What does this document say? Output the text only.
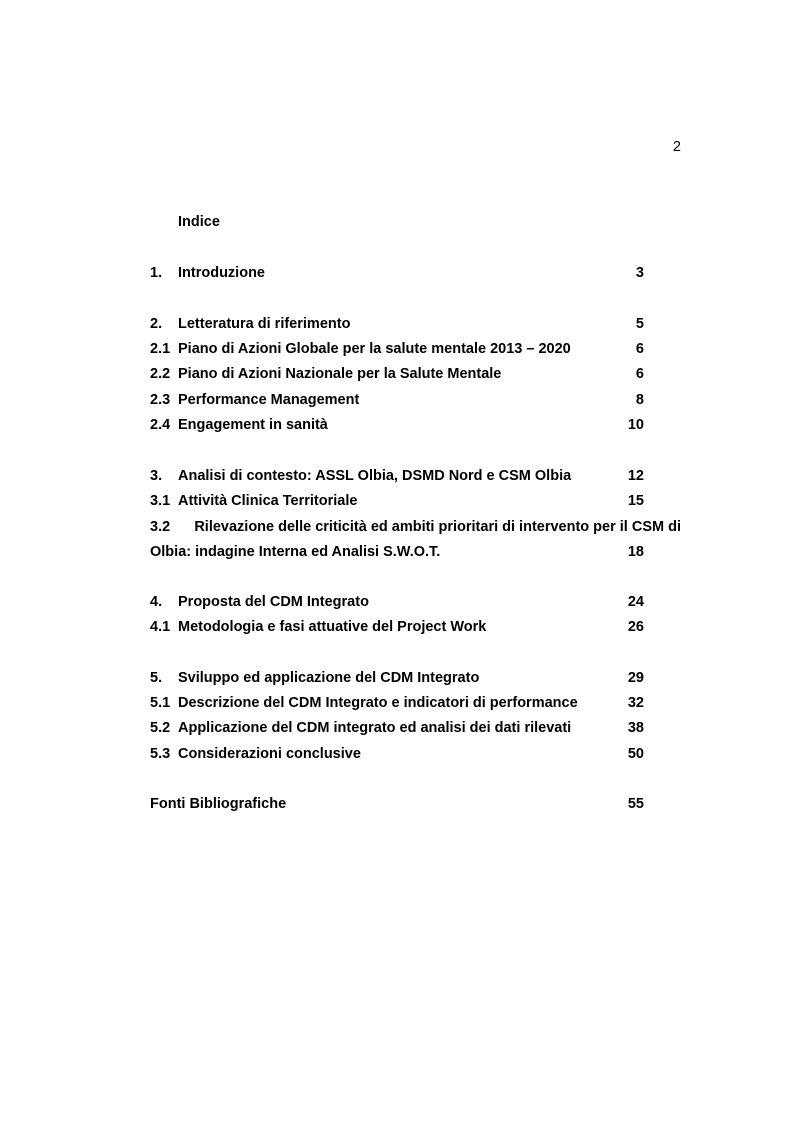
2
Indice
1. Introduzione	3
2. Letteratura di riferimento	5
2.1 Piano di Azioni Globale per la salute mentale 2013 – 2020	6
2.2 Piano di Azioni Nazionale per la Salute Mentale	6
2.3 Performance Management	8
2.4 Engagement in sanità	10
3. Analisi di contesto: ASSL Olbia, DSMD Nord e CSM Olbia	12
3.1 Attività Clinica Territoriale	15
3.2 Rilevazione delle criticità ed ambiti prioritari di intervento per il CSM di
Olbia: indagine Interna ed Analisi S.W.O.T.	18
4. Proposta del CDM Integrato	24
4.1 Metodologia e fasi attuative del Project Work	26
5. Sviluppo ed applicazione del CDM Integrato	29
5.1 Descrizione del CDM Integrato e indicatori di performance	32
5.2 Applicazione del CDM integrato ed analisi dei dati rilevati	38
5.3 Considerazioni conclusive	50
Fonti Bibliografiche	55
